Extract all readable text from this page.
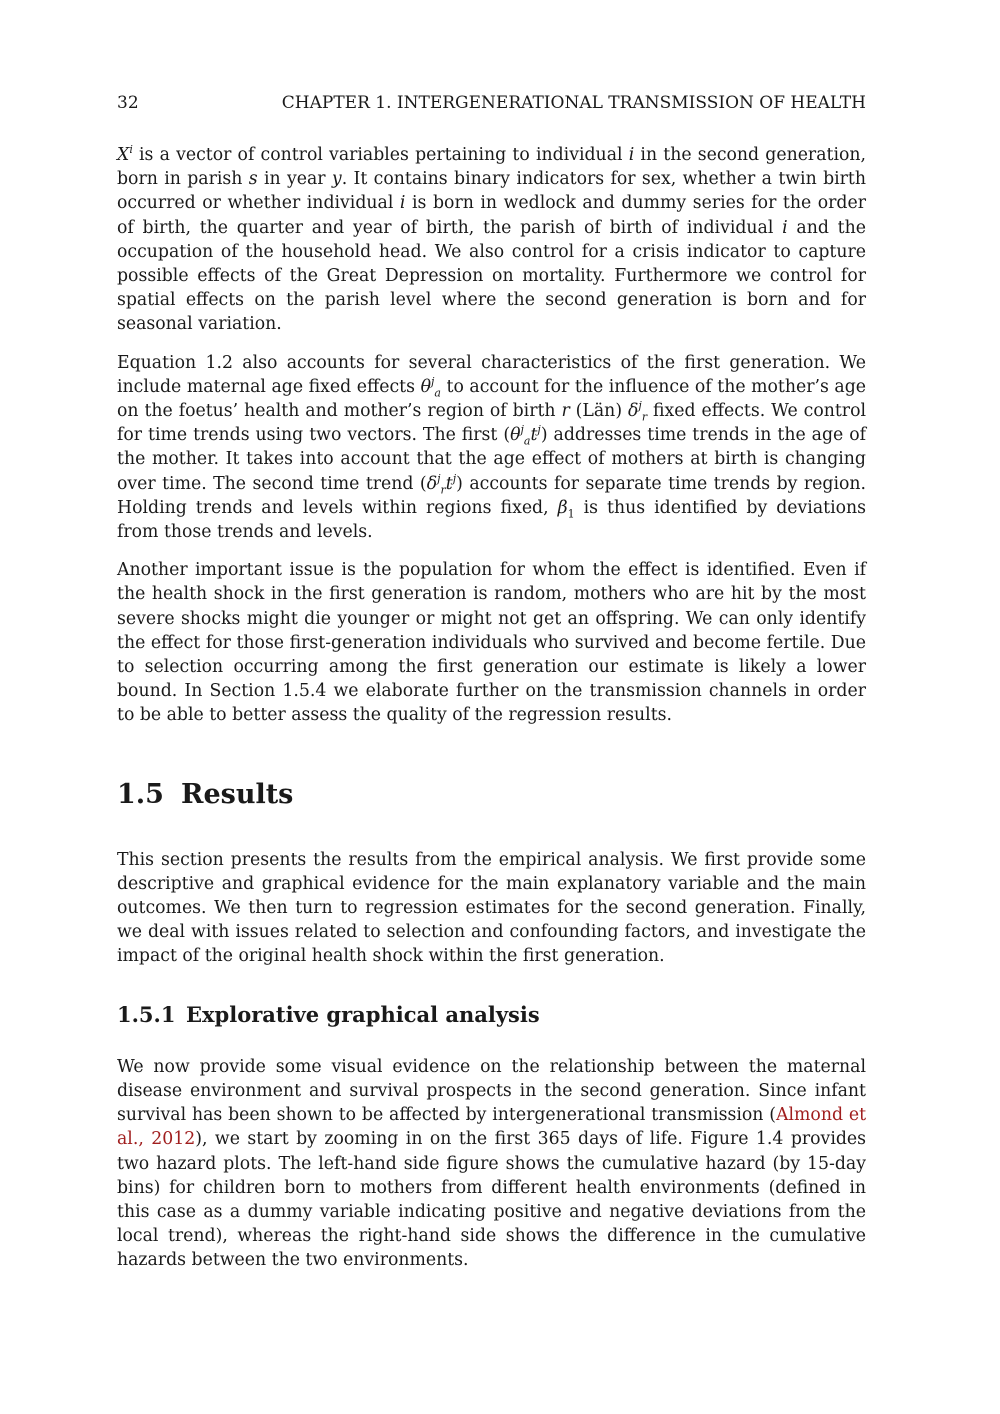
32	CHAPTER 1. INTERGENERATIONAL TRANSMISSION OF HEALTH

$X^i$ is a vector of control variables pertaining to individual i in the second generation, born in parish s in year y. It contains binary indicators for sex, whether a twin birth occurred or whether individual i is born in wedlock and dummy series for the order of birth, the quarter and year of birth, the parish of birth of individual i and the occupation of the household head. We also control for a crisis indicator to capture possible effects of the Great Depression on mortality. Furthermore we control for spatial effects on the parish level where the second generation is born and for seasonal variation.

Equation 1.2 also accounts for several characteristics of the first generation. We include maternal age fixed effects $\theta^j_a$ to account for the influence of the mother’s age on the foetus’ health and mother’s region of birth r (Län) $\delta^j_r$ fixed effects. We control for time trends using two vectors. The first $(\theta^j_at^j)$ addresses time trends in the age of the mother. It takes into account that the age effect of mothers at birth is changing over time. The second time trend $(\delta^j_rt^j)$ accounts for separate time trends by region. Holding trends and levels within regions fixed, $\beta_1$ is thus identified by deviations from those trends and levels.

Another important issue is the population for whom the effect is identified. Even if the health shock in the first generation is random, mothers who are hit by the most severe shocks might die younger or might not get an offspring. We can only identify the effect for those first-generation individuals who survived and become fertile. Due to selection occurring among the first generation our estimate is likely a lower bound. In Section 1.5.4 we elaborate further on the transmission channels in order to be able to better assess the quality of the regression results.

1.5 Results

This section presents the results from the empirical analysis. We first provide some descriptive and graphical evidence for the main explanatory variable and the main outcomes. We then turn to regression estimates for the second generation. Finally, we deal with issues related to selection and confounding factors, and investigate the impact of the original health shock within the first generation.

1.5.1 Explorative graphical analysis

We now provide some visual evidence on the relationship between the maternal disease environment and survival prospects in the second generation. Since infant survival has been shown to be affected by intergenerational transmission (Almond et al., 2012), we start by zooming in on the first 365 days of life. Figure 1.4 provides two hazard plots. The left-hand side figure shows the cumulative hazard (by 15-day bins) for children born to mothers from different health environments (defined in this case as a dummy variable indicating positive and negative deviations from the local trend), whereas the right-hand side shows the difference in the cumulative hazards between the two environments.
